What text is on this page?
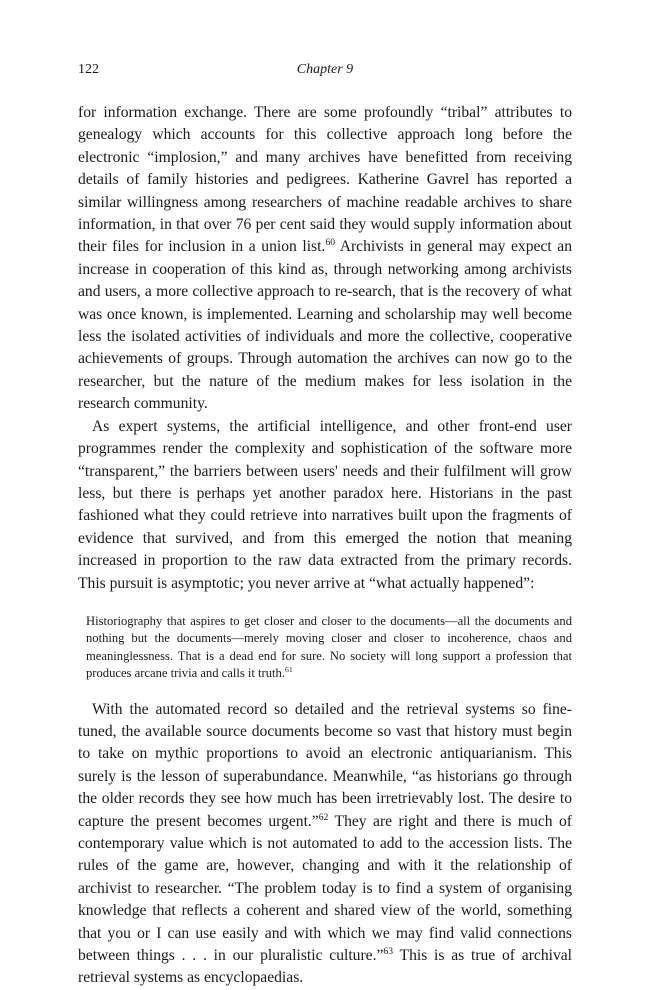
122	Chapter 9

for information exchange. There are some profoundly “tribal” attributes to genealogy which accounts for this collective approach long before the electronic “implosion,” and many archives have benefitted from receiving details of family histories and pedigrees. Katherine Gavrel has reported a similar willingness among researchers of machine readable archives to share information, in that over 76 per cent said they would supply information about their files for inclusion in a union list.$^{60}$ Archivists in general may expect an increase in cooperation of this kind as, through networking among archivists and users, a more collective approach to re-search, that is the recovery of what was once known, is implemented. Learning and scholarship may well become less the isolated activities of individuals and more the collective, cooperative achievements of groups. Through automation the archives can now go to the researcher, but the nature of the medium makes for less isolation in the research community.

As expert systems, the artificial intelligence, and other front-end user programmes render the complexity and sophistication of the software more “transparent,” the barriers between users' needs and their fulfilment will grow less, but there is perhaps yet another paradox here. Historians in the past fashioned what they could retrieve into narratives built upon the fragments of evidence that survived, and from this emerged the notion that meaning increased in proportion to the raw data extracted from the primary records. This pursuit is asymptotic; you never arrive at “what actually happened”:

Historiography that aspires to get closer and closer to the documents—all the documents and nothing but the documents—merely moving closer and closer to incoherence, chaos and meaninglessness. That is a dead end for sure. No society will long support a profession that produces arcane trivia and calls it truth.$^{61}$

With the automated record so detailed and the retrieval systems so fine-tuned, the available source documents become so vast that history must begin to take on mythic proportions to avoid an electronic antiquarianism. This surely is the lesson of superabundance. Meanwhile, “as historians go through the older records they see how much has been irretrievably lost. The desire to capture the present becomes urgent.”$^{62}$ They are right and there is much of contemporary value which is not automated to add to the accession lists. The rules of the game are, however, changing and with it the relationship of archivist to researcher. “The problem today is to find a system of organising knowledge that reflects a coherent and shared view of the world, something that you or I can use easily and with which we may find valid connections between things . . . in our pluralistic culture.”$^{63}$ This is as true of archival retrieval systems as encyclopaedias.
